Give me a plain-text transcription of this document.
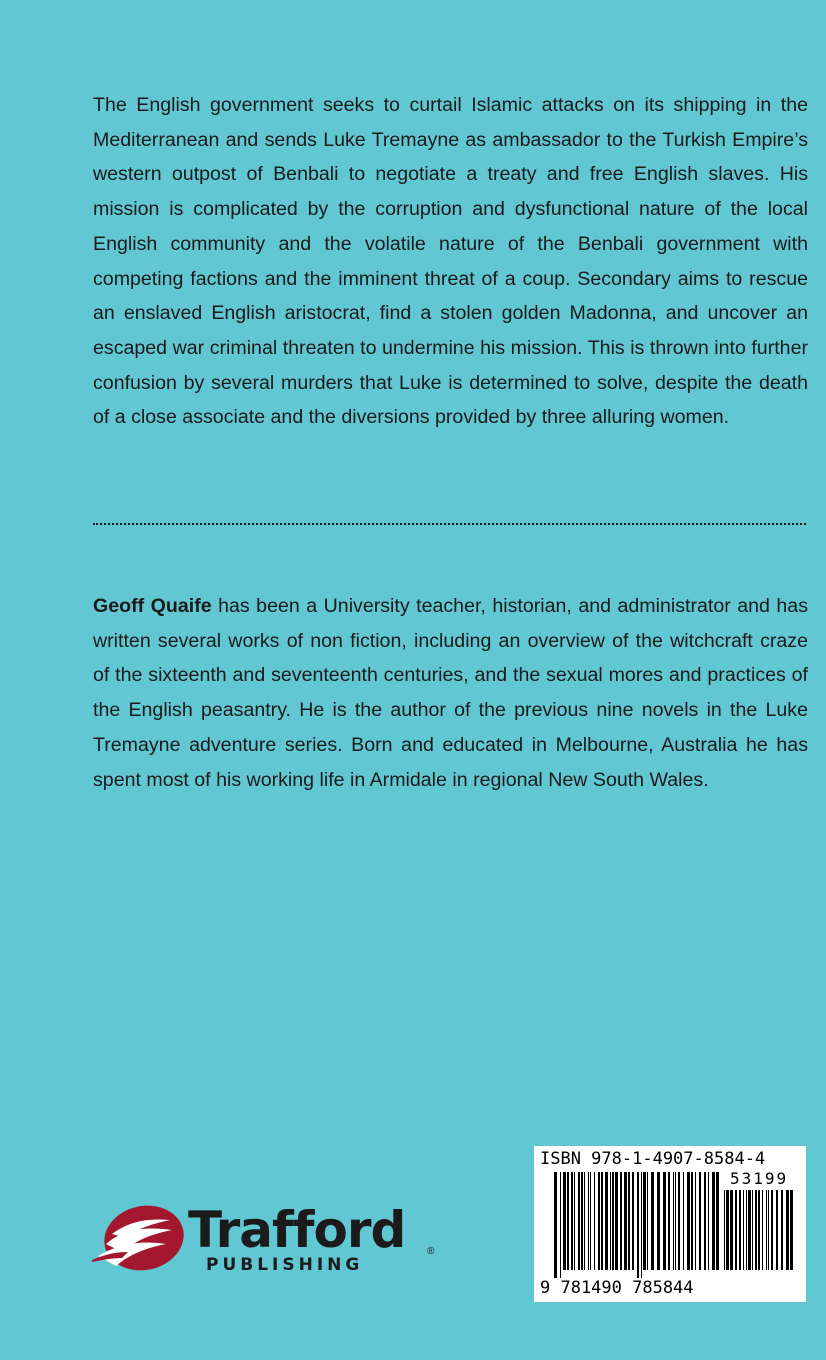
The English government seeks to curtail Islamic attacks on its shipping in the Mediterranean and sends Luke Tremayne as ambassador to the Turkish Empire’s western outpost of Benbali to negotiate a treaty and free English slaves. His mission is complicated by the corruption and dysfunctional nature of the local English community and the volatile nature of the Benbali government with competing factions and the imminent threat of a coup. Secondary aims to rescue an enslaved English aristocrat, find a stolen golden Madonna, and uncover an escaped war criminal threaten to undermine his mission. This is thrown into further confusion by several murders that Luke is determined to solve, despite the death of a close associate and the diversions provided by three alluring women.

Geoff Quaife has been a University teacher, historian, and administrator and has written several works of non fiction, including an overview of the witchcraft craze of the sixteenth and seventeenth centuries, and the sexual mores and practices of the English peasantry. He is the author of the previous nine novels in the Luke Tremayne adventure series. Born and educated in Melbourne, Australia he has spent most of his working life in Armidale in regional New South Wales.

Trafford ®
PUBLISHING
ISBN 978-1-4907-8584-4
53199
9 781490 785844
